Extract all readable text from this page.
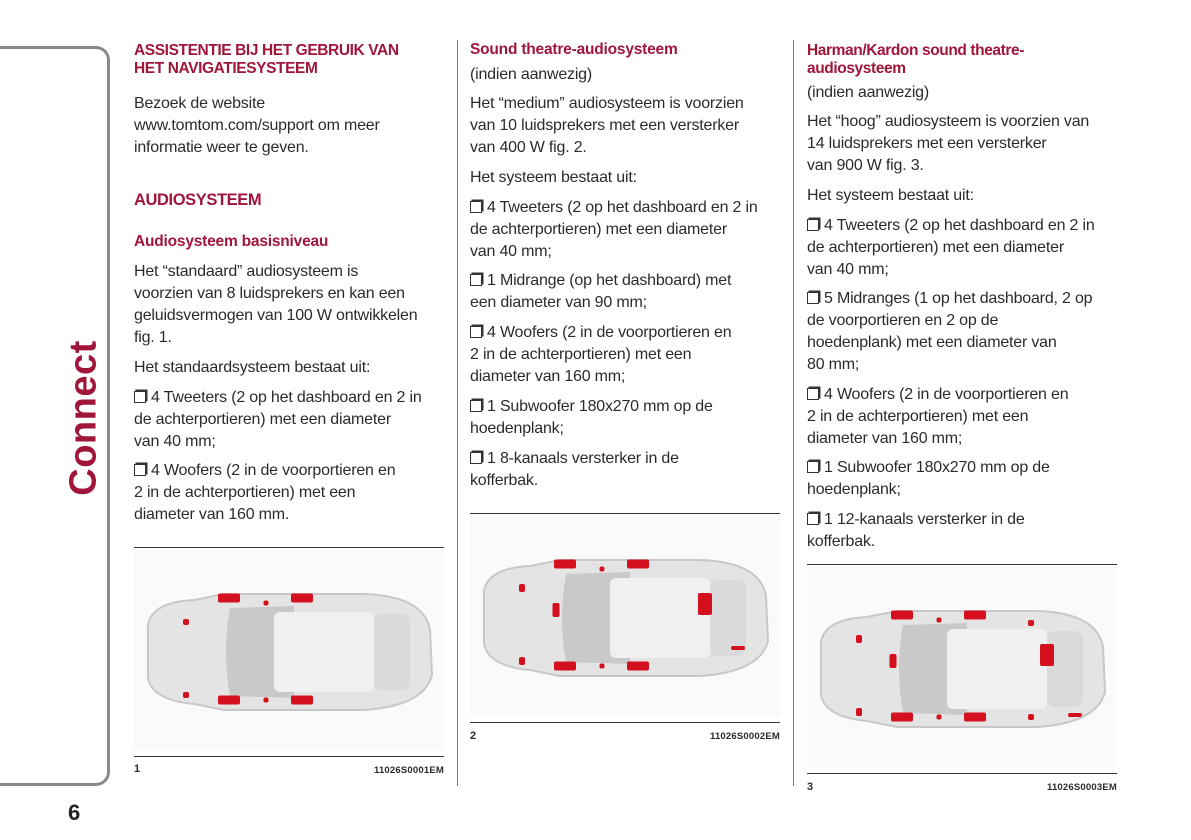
Connect
6
ASSISTENTIE BIJ HET GEBRUIK VAN
HET NAVIGATIESYSTEEM
Bezoek de website
www.tomtom.com/support om meer
informatie weer te geven.
AUDIOSYSTEEM
Audiosysteem basisniveau
Het “standaard” audiosysteem is
voorzien van 8 luidsprekers en kan een
geluidsvermogen van 100 W ontwikkelen
fig. 1.
Het standaardsysteem bestaat uit:
1	11026S0001EM
4 Tweeters (2 op het dashboard en 2 in
de achterportieren) met een diameter
van 40 mm;
4 Woofers (2 in de voorportieren en
2 in de achterportieren) met een
diameter van 160 mm.
Sound theatre-audiosysteem
(indien aanwezig)
Het “medium” audiosysteem is voorzien
van 10 luidsprekers met een versterker
van 400 W fig. 2.
Het systeem bestaat uit:
2	11026S0002EM
4 Tweeters (2 op het dashboard en 2 in
de achterportieren) met een diameter
van 40 mm;
1 Midrange (op het dashboard) met
een diameter van 90 mm;
4 Woofers (2 in de voorportieren en
2 in de achterportieren) met een
diameter van 160 mm;
1 Subwoofer 180x270 mm op de
hoedenplank;
1 8-kanaals versterker in de
kofferbak.
Harman/Kardon sound theatre-
audiosysteem
(indien aanwezig)
Het “hoog” audiosysteem is voorzien van
14 luidsprekers met een versterker
van 900 W fig. 3.
Het systeem bestaat uit:
3	11026S0003EM
4 Tweeters (2 op het dashboard en 2 in
de achterportieren) met een diameter
van 40 mm;
5 Midranges (1 op het dashboard, 2 op
de voorportieren en 2 op de
hoedenplank) met een diameter van
80 mm;
4 Woofers (2 in de voorportieren en
2 in de achterportieren) met een
diameter van 160 mm;
1 Subwoofer 180x270 mm op de
hoedenplank;
1 12-kanaals versterker in de
kofferbak.
